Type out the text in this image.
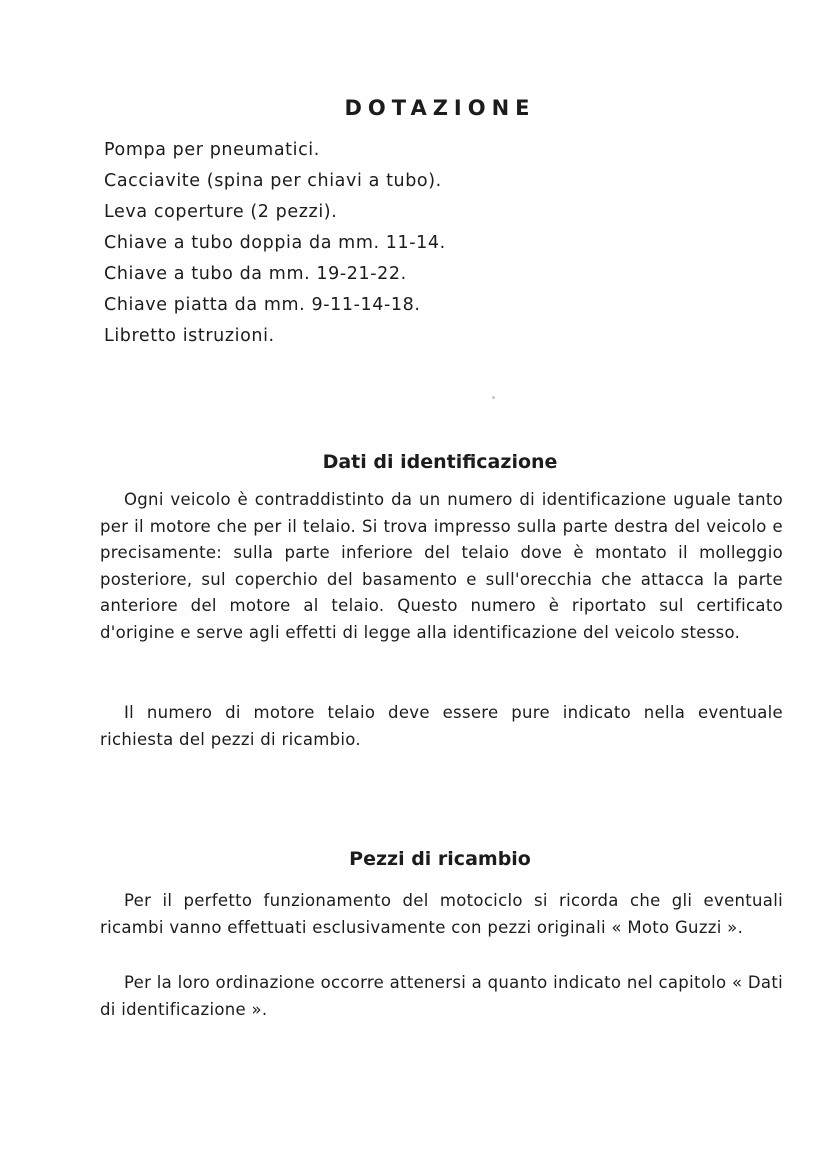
DOTAZIONE
Pompa per pneumatici.
Cacciavite (spina per chiavi a tubo).
Leva coperture (2 pezzi).
Chiave a tubo doppia da mm. 11-14.
Chiave a tubo da mm. 19-21-22.
Chiave piatta da mm. 9-11-14-18.
Libretto istruzioni.
Dati di identificazione

Ogni veicolo è contraddistinto da un numero di identificazione uguale tanto per il motore che per il telaio. Si trova impresso sulla parte destra del veicolo e precisamente: sulla parte inferiore del telaio dove è montato il molleggio posteriore, sul coperchio del basamento e sull'orecchia che attacca la parte anteriore del motore al telaio. Questo numero è riportato sul certificato d'origine e serve agli effetti di legge alla identificazione del veicolo stesso.

Il numero di motore telaio deve essere pure indicato nella eventuale richiesta del pezzi di ricambio.

Pezzi di ricambio

Per il perfetto funzionamento del motociclo si ricorda che gli eventuali ricambi vanno effettuati esclusivamente con pezzi originali « Moto Guzzi ».

Per la loro ordinazione occorre attenersi a quanto indicato nel capitolo « Dati di identificazione ».
